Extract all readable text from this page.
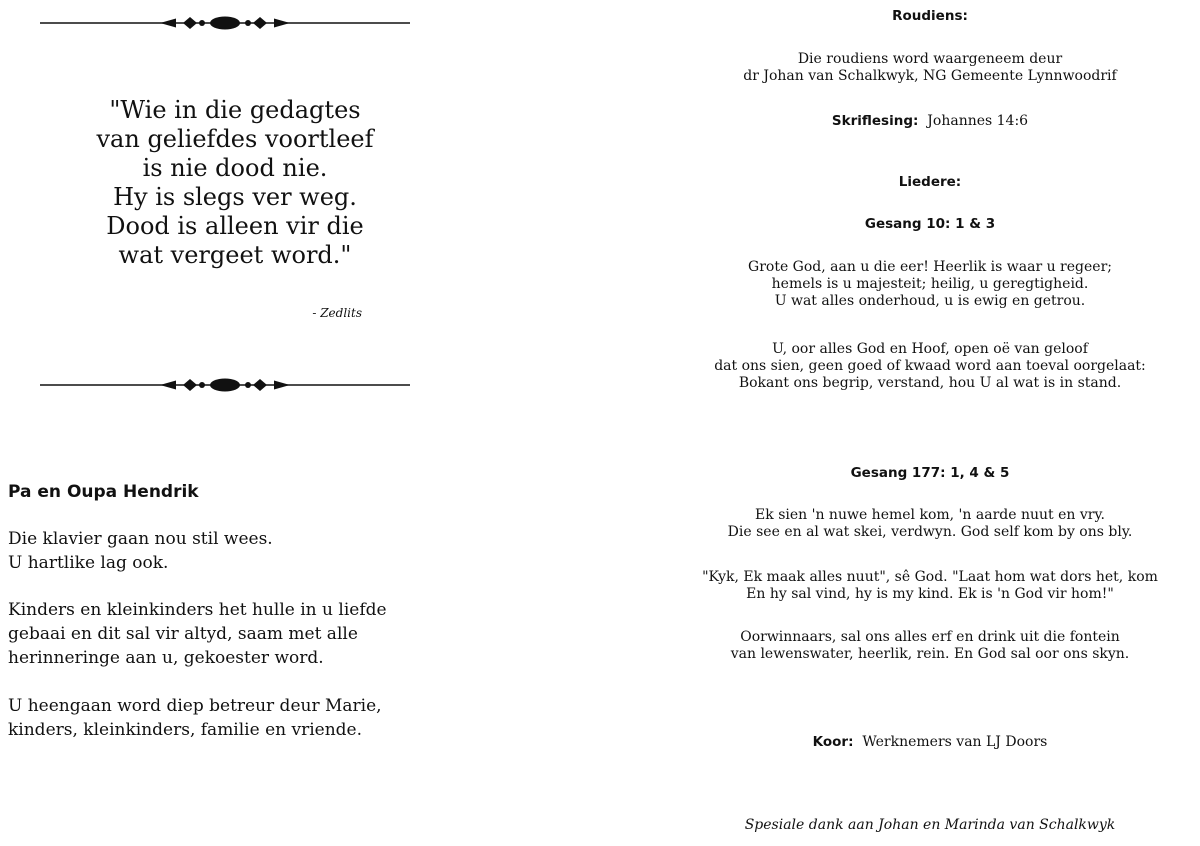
"Wie in die gedagtes
van geliefdes voortleef
is nie dood nie.
Hy is slegs ver weg.
Dood is alleen vir die
wat vergeet word."
- Zedlits
Pa en Oupa Hendrik
Die klavier gaan nou stil wees.
U hartlike lag ook.
Kinders en kleinkinders het hulle in u liefde
gebaai en dit sal vir altyd, saam met alle
herinneringe aan u, gekoester word.
U heengaan word diep betreur deur Marie,
kinders, kleinkinders, familie en vriende.
Roudiens:
Die roudiens word waargeneem deur
dr Johan van Schalkwyk, NG Gemeente Lynnwoodrif
Skriflesing: Johannes 14:6
Liedere:
Gesang 10: 1 & 3
Grote God, aan u die eer! Heerlik is waar u regeer;
hemels is u majesteit; heilig, u geregtigheid.
U wat alles onderhoud, u is ewig en getrou.
U, oor alles God en Hoof, open oë van geloof
dat ons sien, geen goed of kwaad word aan toeval oorgelaat:
Bokant ons begrip, verstand, hou U al wat is in stand.
Gesang 177: 1, 4 & 5
Ek sien 'n nuwe hemel kom, 'n aarde nuut en vry.
Die see en al wat skei, verdwyn. God self kom by ons bly.
"Kyk, Ek maak alles nuut", sê God. "Laat hom wat dors het, kom
En hy sal vind, hy is my kind. Ek is 'n God vir hom!"
Oorwinnaars, sal ons alles erf en drink uit die fontein
van lewenswater, heerlik, rein. En God sal oor ons skyn.
Koor: Werknemers van LJ Doors
Spesiale dank aan Johan en Marinda van Schalkwyk
